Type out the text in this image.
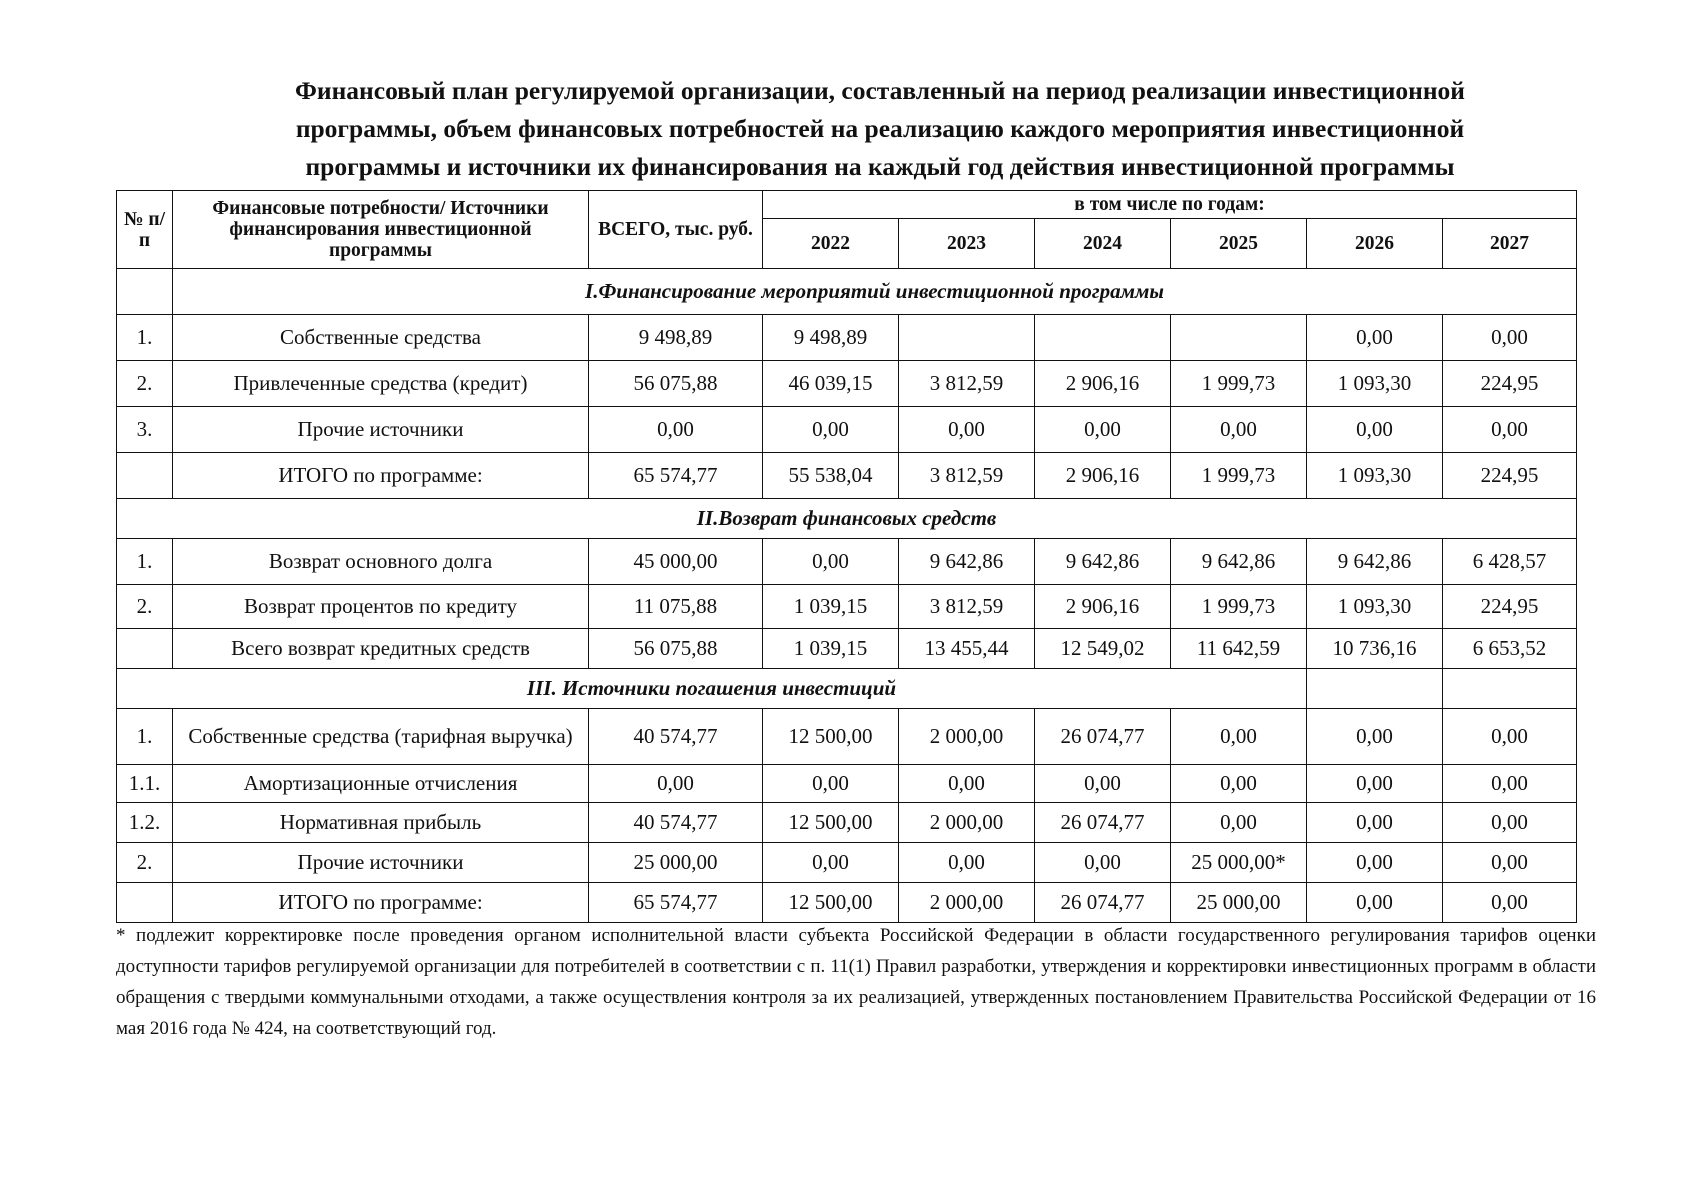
Финансовый план регулируемой организации, составленный на период реализации инвестиционной
программы, объем финансовых потребностей на реализацию каждого мероприятия инвестиционной
программы и источники их финансирования на каждый год действия инвестиционной программы
№ п/п	Финансовые потребности/ Источники финансирования инвестиционной программы	ВСЕГО, тыс. руб.	в том числе по годам:					
			2022	2023	2024	2025	2026	2027
	I.Финансирование мероприятий инвестиционной программы							
1.	Собственные средства	9 498,89	9 498,89				0,00	0,00
2.	Привлеченные средства (кредит)	56 075,88	46 039,15	3 812,59	2 906,16	1 999,73	1 093,30	224,95
3.	Прочие источники	0,00	0,00	0,00	0,00	0,00	0,00	0,00
	ИТОГО по программе:	65 574,77	55 538,04	3 812,59	2 906,16	1 999,73	1 093,30	224,95
II.Возврат финансовых средств								
1.	Возврат основного долга	45 000,00	0,00	9 642,86	9 642,86	9 642,86	9 642,86	6 428,57
2.	Возврат процентов по кредиту	11 075,88	1 039,15	3 812,59	2 906,16	1 999,73	1 093,30	224,95
	Всего возврат кредитных средств	56 075,88	1 039,15	13 455,44	12 549,02	11 642,59	10 736,16	6 653,52
III. Источники погашения инвестиций								
1.	Собственные средства (тарифная выручка)	40 574,77	12 500,00	2 000,00	26 074,77	0,00	0,00	0,00
1.1.	Амортизационные отчисления	0,00	0,00	0,00	0,00	0,00	0,00	0,00
1.2.	Нормативная прибыль	40 574,77	12 500,00	2 000,00	26 074,77	0,00	0,00	0,00
2.	Прочие источники	25 000,00	0,00	0,00	0,00	25 000,00*	0,00	0,00
	ИТОГО по программе:	65 574,77	12 500,00	2 000,00	26 074,77	25 000,00	0,00	0,00
* подлежит корректировке после проведения органом исполнительной власти субъекта Российской Федерации в области государственного регулирования тарифов оценки доступности тарифов регулируемой организации для потребителей в соответствии с п. 11(1) Правил разработки, утверждения и корректировки инвестиционных программ в области обращения с твердыми коммунальными отходами, а также осуществления контроля за их реализацией, утвержденных постановлением Правительства Российской Федерации от 16 мая 2016 года № 424, на соответствующий год.
